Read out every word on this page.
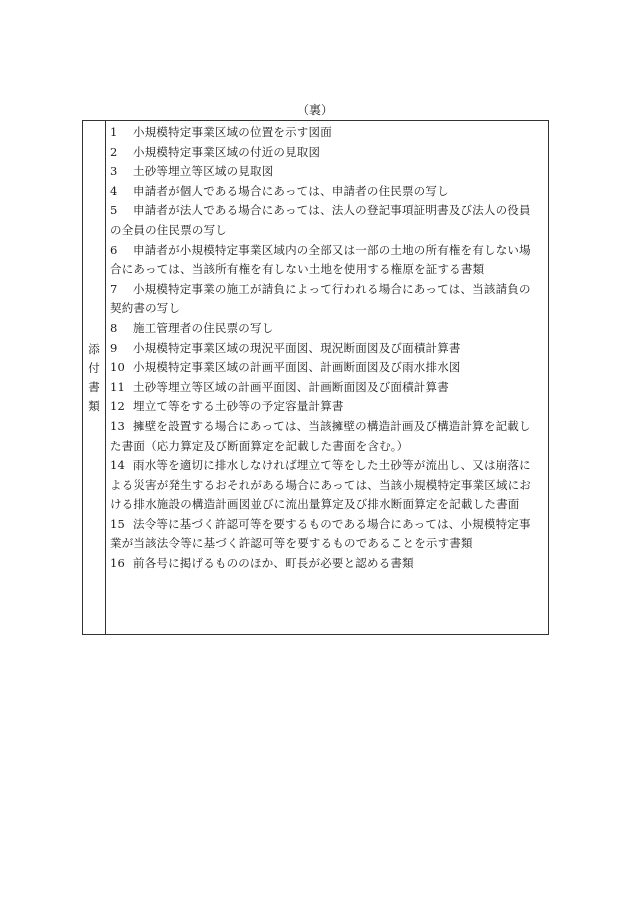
（裏）
添
付
書
類
1 小規模特定事業区域の位置を示す図面
2 小規模特定事業区域の付近の見取図
3 土砂等埋立等区域の見取図
4 申請者が個人である場合にあっては、申請者の住民票の写し
5 申請者が法人である場合にあっては、法人の登記事項証明書及び法人の役員の全員の住民票の写し
6 申請者が小規模特定事業区域内の全部又は一部の土地の所有権を有しない場合にあっては、当該所有権を有しない土地を使用する権原を証する書類
7 小規模特定事業の施工が請負によって行われる場合にあっては、当該請負の契約書の写し
8 施工管理者の住民票の写し
9 小規模特定事業区域の現況平面図、現況断面図及び面積計算書
10 小規模特定事業区域の計画平面図、計画断面図及び雨水排水図
11 土砂等埋立等区域の計画平面図、計画断面図及び面積計算書
12 埋立て等をする土砂等の予定容量計算書
13 擁壁を設置する場合にあっては、当該擁壁の構造計画及び構造計算を記載した書面（応力算定及び断面算定を記載した書面を含む。）
14 雨水等を適切に排水しなければ埋立て等をした土砂等が流出し、又は崩落による災害が発生するおそれがある場合にあっては、当該小規模特定事業区域における排水施設の構造計画図並びに流出量算定及び排水断面算定を記載した書面
15 法令等に基づく許認可等を要するものである場合にあっては、小規模特定事業が当該法令等に基づく許認可等を要するものであることを示す書類
16 前各号に掲げるもののほか、町長が必要と認める書類
